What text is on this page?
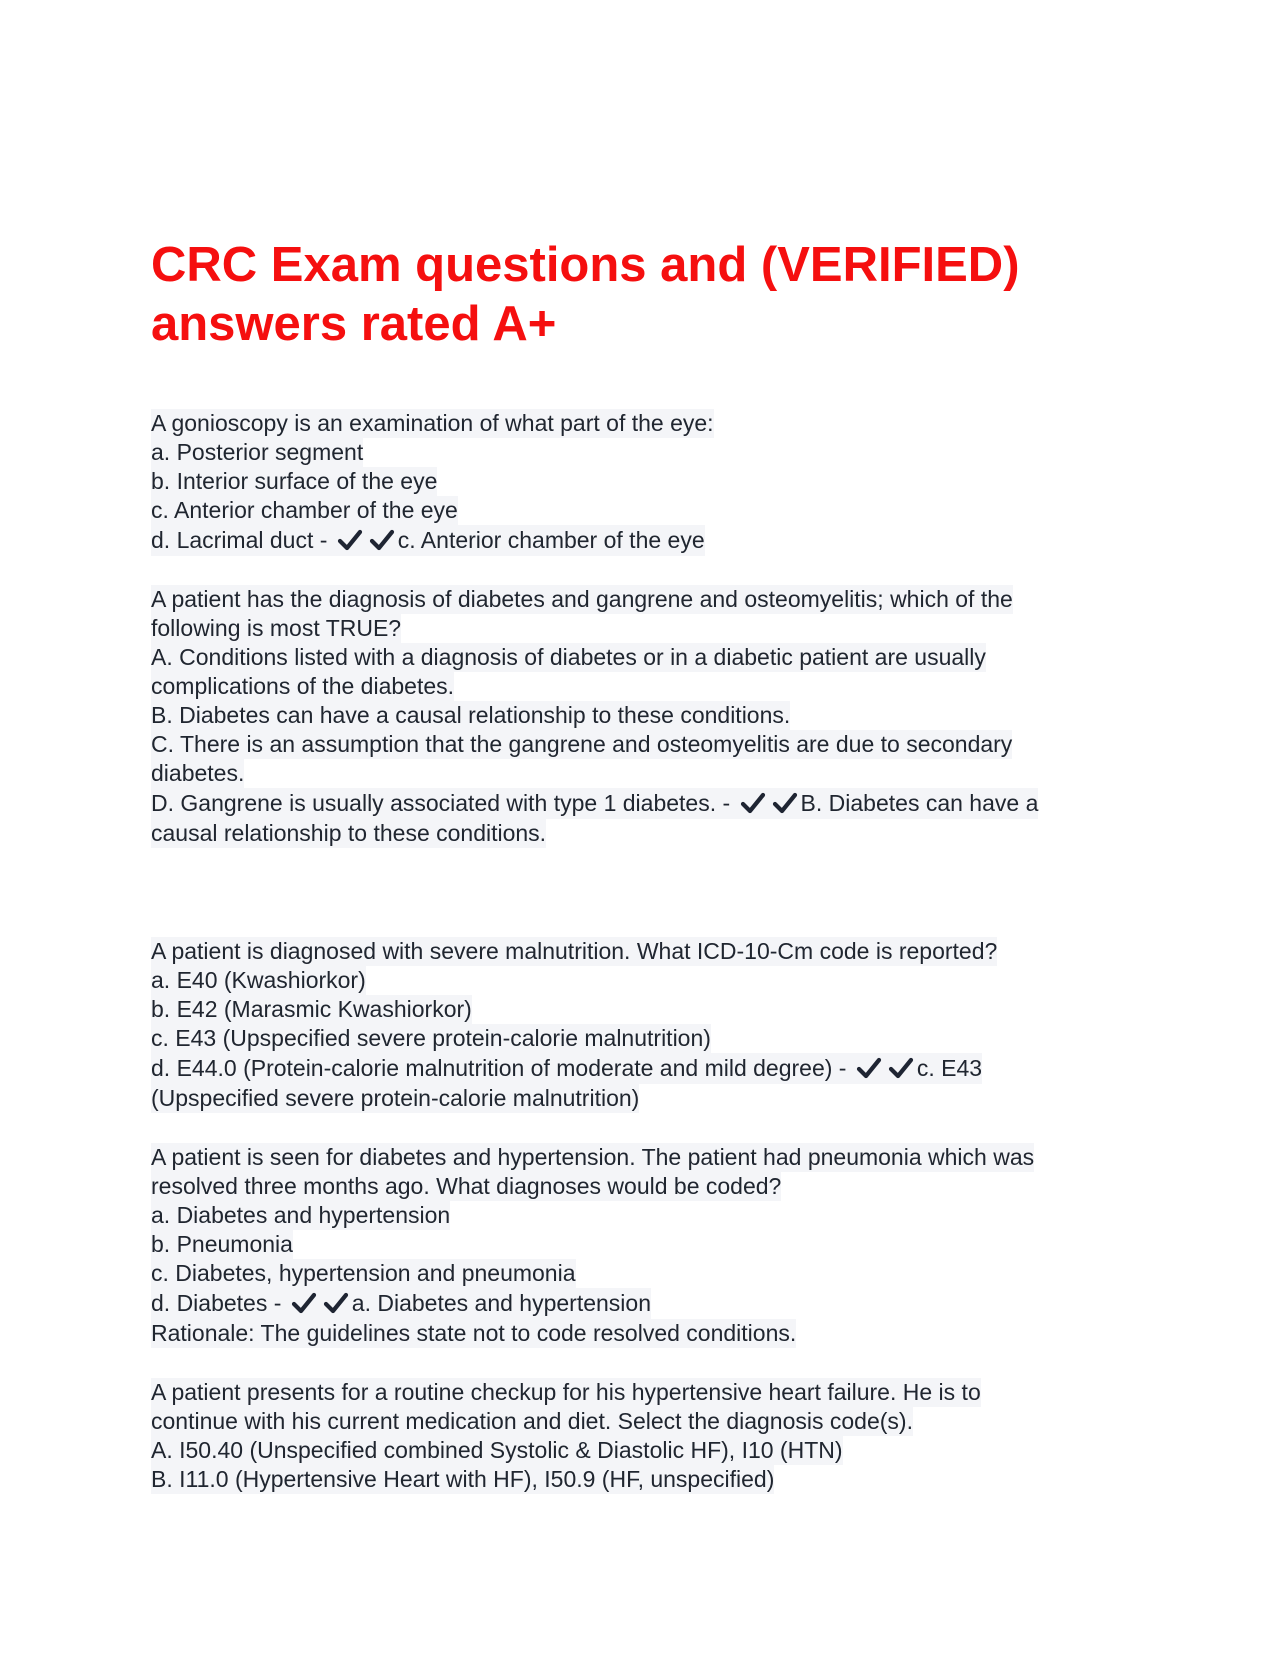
CRC Exam questions and (VERIFIED)
answers rated A+
A gonioscopy is an examination of what part of the eye:
a. Posterior segment
b. Interior surface of the eye
c. Anterior chamber of the eye
d. Lacrimal duct -	c. Anterior chamber of the eye
A patient has the diagnosis of diabetes and gangrene and osteomyelitis; which of the
following is most TRUE?
A. Conditions listed with a diagnosis of diabetes or in a diabetic patient are usually
complications of the diabetes.
B. Diabetes can have a causal relationship to these conditions.
C. There is an assumption that the gangrene and osteomyelitis are due to secondary
diabetes.
D. Gangrene is usually associated with type 1 diabetes. -	B. Diabetes can have a
causal relationship to these conditions.
A patient is diagnosed with severe malnutrition. What ICD-10-Cm code is reported?
a. E40 (Kwashiorkor)
b. E42 (Marasmic Kwashiorkor)
c. E43 (Upspecified severe protein-calorie malnutrition)
d. E44.0 (Protein-calorie malnutrition of moderate and mild degree) -	c. E43
(Upspecified severe protein-calorie malnutrition)
A patient is seen for diabetes and hypertension. The patient had pneumonia which was
resolved three months ago. What diagnoses would be coded?
a. Diabetes and hypertension
b. Pneumonia
c. Diabetes, hypertension and pneumonia
d. Diabetes -	a. Diabetes and hypertension
Rationale: The guidelines state not to code resolved conditions.
A patient presents for a routine checkup for his hypertensive heart failure. He is to
continue with his current medication and diet. Select the diagnosis code(s).
A. I50.40 (Unspecified combined Systolic & Diastolic HF), I10 (HTN)
B. I11.0 (Hypertensive Heart with HF), I50.9 (HF, unspecified)
